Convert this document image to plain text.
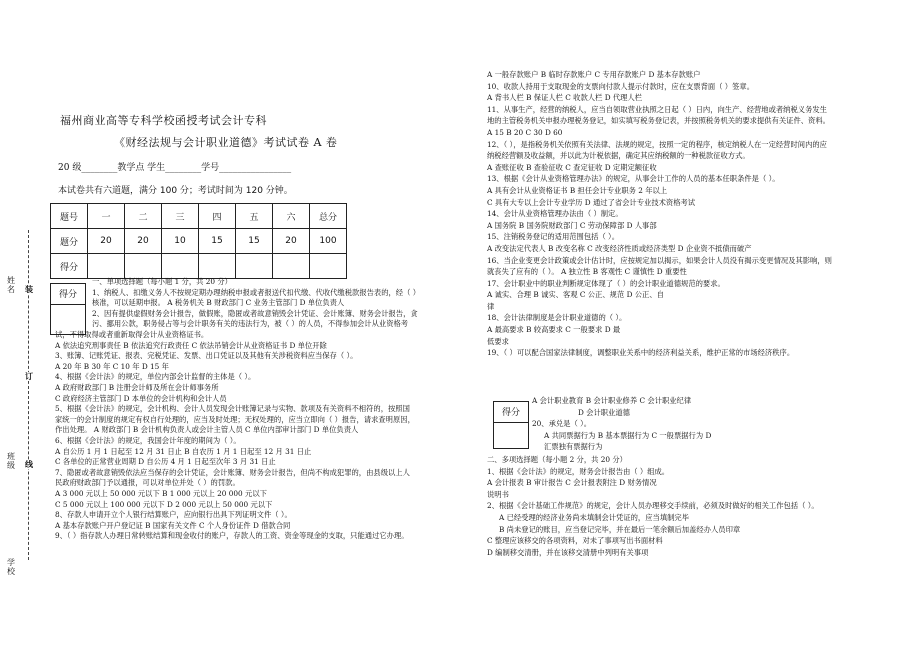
姓名
班级
学校
装
订
线
福州商业高等专科学校函授考试会计专科
《财经法规与会计职业道德》考试试卷 A 卷
20 级________教学点 学生________学号________________
本试卷共有六道题，满分 100 分；考试时间为 120 分钟。
题号	一	二	三	四	五	六	总分
题分	20	20	10	15	15	20	100
得分							
得分
得分

一、单项选择题（每小题 1 分，共 20 分）

1、纳税人、扣缴义务人不按规定期办理纳税申报或者报送代扣代缴、代收代缴税款报告表的，经（ ）

核准，可以延期申报。 A 税务机关 B 财政部门 C 业务主管部门 D 单位负责人

2、因有提供虚假财务会计报告，做假账，隐匿或者故意销毁会计凭证、会计账簿、财务会计报告，贪

污、挪用公款，职务侵占等与会计职务有关的违法行为，被（ ）的人员，不得参加会计从业资格考

试，不得取得或者重新取得会计从业资格证书。

A 依法追究刑事责任 B 依法追究行政责任 C 依法吊销会计从业资格证书 D 单位开除

3、账簿、记账凭证、报表、完税凭证、发票、出口凭证以及其他有关涉税资料应当保存（ ）。

A 20 年 B 30 年 C 10 年 D 15 年

4、根据《会计法》的规定，单位内部会计监督的主体是（ ）。

A 政府财政部门 B 注册会计师及所在会计师事务所

C 政府经济主管部门 D 本单位的会计机构和会计人员

5、根据《会计法》的规定，会计机构、会计人员发现会计账簿记录与实物、款项及有关资料不相符的，按照国

家统一的会计制度的规定有权自行处理的，应当及时处理；无权处理的，应当立即向（ ）报告，请求查明原因，

作出处理。 A 财政部门 B 会计机构负责人或会计主管人员 C 单位内部审计部门 D 单位负责人

6、根据《会计法》的规定，我国会计年度的期间为（ ）。

A 自公历 1 月 1 日起至 12 月 31 日止 B 自农历 1 月 1 日起至 12 月 31 日止

C 各单位的正常营业周期 D 自公历 4 月 1 日起至次年 3 月 31 日止

7、隐匿或者故意销毁依法应当保存的会计凭证，会计账簿、财务会计报告，但尚不构成犯罪的，由县级以上人

民政府财政部门予以通报，可以对单位并处（ ）的罚款。

A 3 000 元以上 50 000 元以下 B 1 000 元以上 20 000 元以下

C 5 000 元以上 100 000 元以下 D 2 000 元以上 50 000 元以下

8、存款人申请开立个人银行结算账户，应向银行出具下列证明文件（ ）。

A 基本存款账户开户登记证 B 国家有关文件 C 个人身份证件 D 借款合同

9、（ ）指存款人办理日常转账结算和现金收付的账户，存款人的工资、资金等现金的支取，只能通过它办理。

A 一般存款账户 B 临时存款账户 C 专用存款账户 D 基本存款账户

10、收款人持用于支取现金的支票向付款人提示付款时，应在支票背面（ ）签章。

A 背书人栏 B 保证人栏 C 收款人栏 D 代理人栏

11、从事生产，经营的纳税人，应当自领取营业执照之日起（ ）日内，向生产、经营地或者纳税义务发生

地的主管税务机关申报办理税务登记，如实填写税务登记表，并按照税务机关的要求提供有关证件、资料。

A 15 B 20 C 30 D 60

12、（ ），是指税务机关依照有关法律、法规的规定，按照一定的程序，核定纳税人在一定经营时间内的应

纳税经营额及收益额，并以此为计税依据，确定其应纳税额的一种税款征收方式。

A 查账征收 B 查验征收 C 查定征收 D 定期定额征收

13、根据《会计从业资格管理办法》的规定，从事会计工作的人员的基本任职条件是（ ）。

A 具有会计从业资格证书 B 担任会计专业职务 2 年以上

C 具有大专以上会计专业学历 D 通过了省会计专业技术资格考试

14、会计从业资格管理办法由（ ）制定。

A 国务院 B 国务院财政部门 C 劳动保障部 D 人事部

15、注销税务登记的适用范围包括（ ）。

A 改变法定代表人 B 改变名称 C 改变经济性质或经济类型 D 企业资不抵债而破产

16、当企业变更会计政策或会计估计时，应按规定加以揭示，如果会计人员没有揭示变更情况及其影响，则

就丧失了应有的（ ）。 A 独立性 B 客观性 C 谨慎性 D 重要性

17、会计职业中的职业判断规定体现了（ ）的会计职业道德规范的要求。

A 诚实、合理 B 诚实、客观 C 公正、规范 D 公正、自

律

18、会计法律制度是会计职业道德的（ ）。

A 最高要求 B 较高要求 C 一般要求 D 最

低要求

19、（ ）可以配合国家法律制度，调整职业关系中的经济利益关系，维护正常的市场经济秩序。

A 会计职业教育 B 会计职业修养 C 会计职业纪律

D 会计职业道德

20、承兑是（ ）。

A 共同票据行为 B 基本票据行为 C 一般票据行为 D

汇票独有票据行为

二、多项选择题（每小题 2 分，共 20 分）

1、根据《会计法》的规定，财务会计报告由（ ）组成。

A 会计报表 B 审计报告 C 会计报表附注 D 财务情况

说明书

2、根据《会计基础工作规范》的规定，会计人员办理移交手续前，必须及时做好的相关工作包括（ ）。

A 已经受理的经济业务尚未填制会计凭证的，应当填制完毕

B 尚未登记的账目，应当登记完毕，并在最后一笔余额后加盖经办人员印章

C 整理应该移交的各项资料，对未了事项写出书面材料

D 编制移交清册，并在该移交清册中列明有关事项
